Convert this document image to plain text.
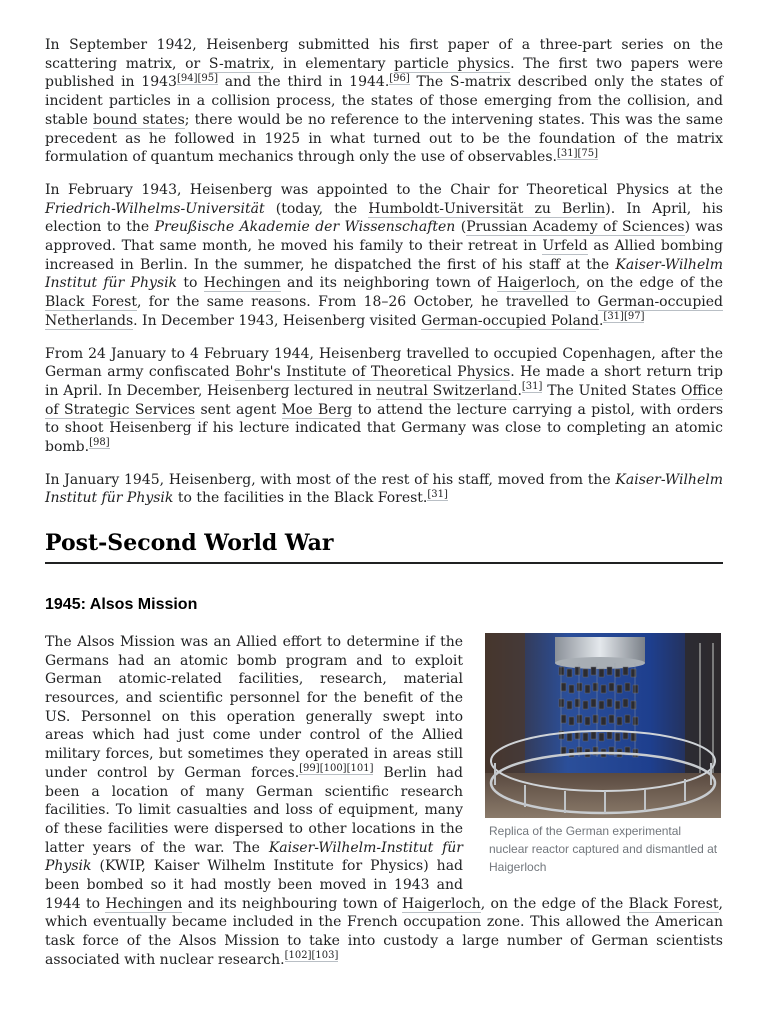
In September 1942, Heisenberg submitted his first paper of a three-part series on the scattering matrix, or S-matrix, in elementary particle physics. The first two papers were published in 1943[94][95] and the third in 1944.[96] The S-matrix described only the states of incident particles in a collision process, the states of those emerging from the collision, and stable bound states; there would be no reference to the intervening states. This was the same precedent as he followed in 1925 in what turned out to be the foundation of the matrix formulation of quantum mechanics through only the use of observables.[31][75]

In February 1943, Heisenberg was appointed to the Chair for Theoretical Physics at the Friedrich-Wilhelms-Universität (today, the Humboldt-Universität zu Berlin). In April, his election to the Preußische Akademie der Wissenschaften (Prussian Academy of Sciences) was approved. That same month, he moved his family to their retreat in Urfeld as Allied bombing increased in Berlin. In the summer, he dispatched the first of his staff at the Kaiser-Wilhelm Institut für Physik to Hechingen and its neighboring town of Haigerloch, on the edge of the Black Forest, for the same reasons. From 18–26 October, he travelled to German-occupied Netherlands. In December 1943, Heisenberg visited German-occupied Poland.[31][97]

From 24 January to 4 February 1944, Heisenberg travelled to occupied Copenhagen, after the German army confiscated Bohr's Institute of Theoretical Physics. He made a short return trip in April. In December, Heisenberg lectured in neutral Switzerland.[31] The United States Office of Strategic Services sent agent Moe Berg to attend the lecture carrying a pistol, with orders to shoot Heisenberg if his lecture indicated that Germany was close to completing an atomic bomb.[98]

In January 1945, Heisenberg, with most of the rest of his staff, moved from the Kaiser-Wilhelm Institut für Physik to the facilities in the Black Forest.[31]

Post-Second World War
1945: Alsos Mission
Replica of the German experimental nuclear reactor captured and dismantled at Haigerloch

The Alsos Mission was an Allied effort to determine if the Germans had an atomic bomb program and to exploit German atomic-related facilities, research, material resources, and scientific personnel for the benefit of the US. Personnel on this operation generally swept into areas which had just come under control of the Allied military forces, but sometimes they operated in areas still under control by German forces.[99][100][101] Berlin had been a location of many German scientific research facilities. To limit casualties and loss of equipment, many of these facilities were dispersed to other locations in the latter years of the war. The Kaiser-Wilhelm-Institut für Physik (KWIP, Kaiser Wilhelm Institute for Physics) had been bombed so it had mostly been moved in 1943 and 1944 to Hechingen and its neighbouring town of Haigerloch, on the edge of the Black Forest, which eventually became included in the French occupation zone. This allowed the American task force of the Alsos Mission to take into custody a large number of German scientists associated with nuclear research.[102][103]
